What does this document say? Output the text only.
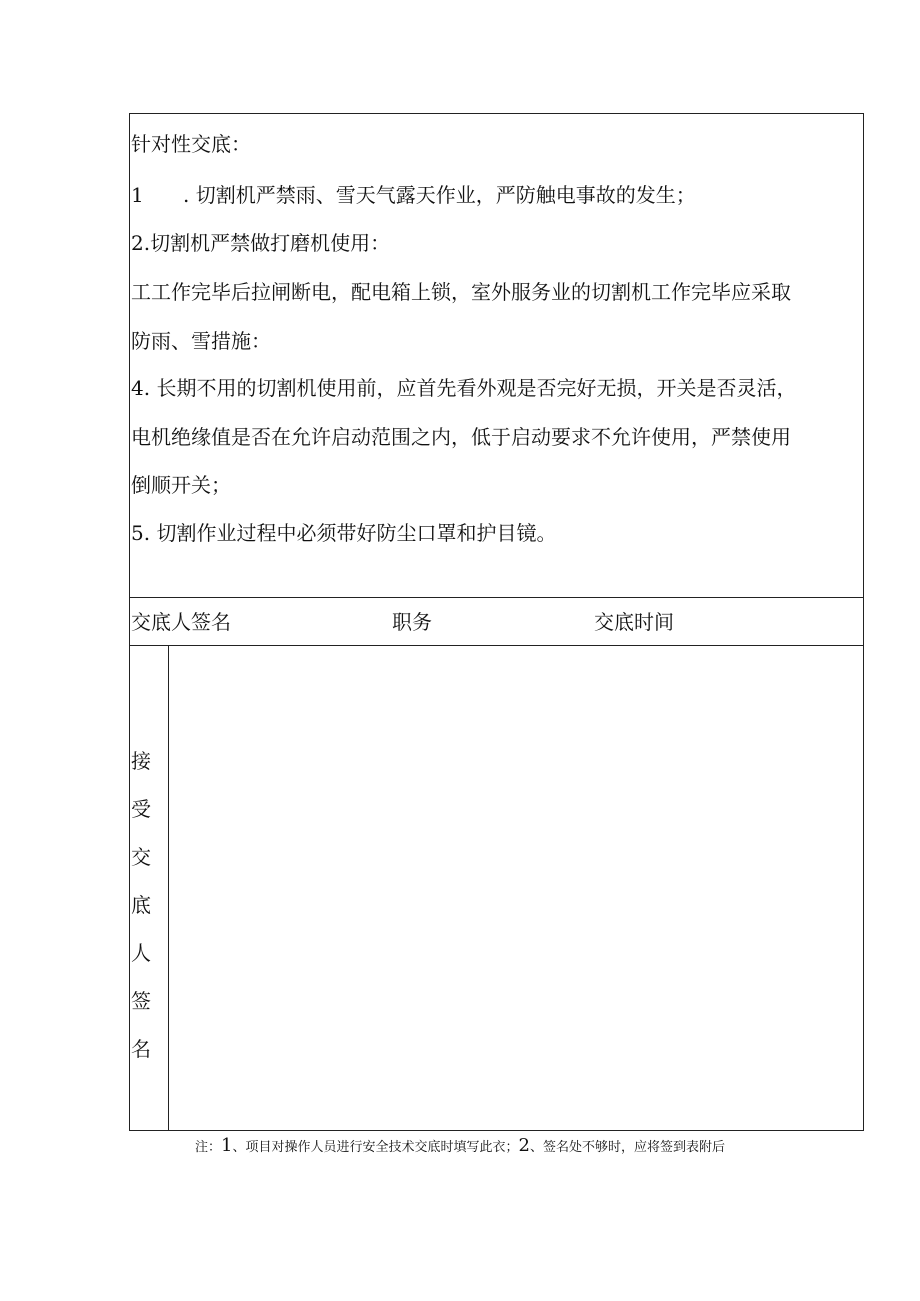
针对性交底：
1 . 切割机严禁雨、雪天气露天作业，严防触电事故的发生；
2.切割机严禁做打磨机使用：
工工作完毕后拉闸断电，配电箱上锁，室外服务业的切割机工作完毕应采取
防雨、雪措施：
4. 长期不用的切割机使用前，应首先看外观是否完好无损，开关是否灵活，
电机绝缘值是否在允许启动范围之内，低于启动要求不允许使用，严禁使用
倒顺开关；
5. 切割作业过程中必须带好防尘口罩和护目镜。
交底人签名	职务	交底时间
接受交底人签名
注：1、项目对操作人员进行安全技术交底时填写此衣；2、签名处不够时，应将签到表附后
